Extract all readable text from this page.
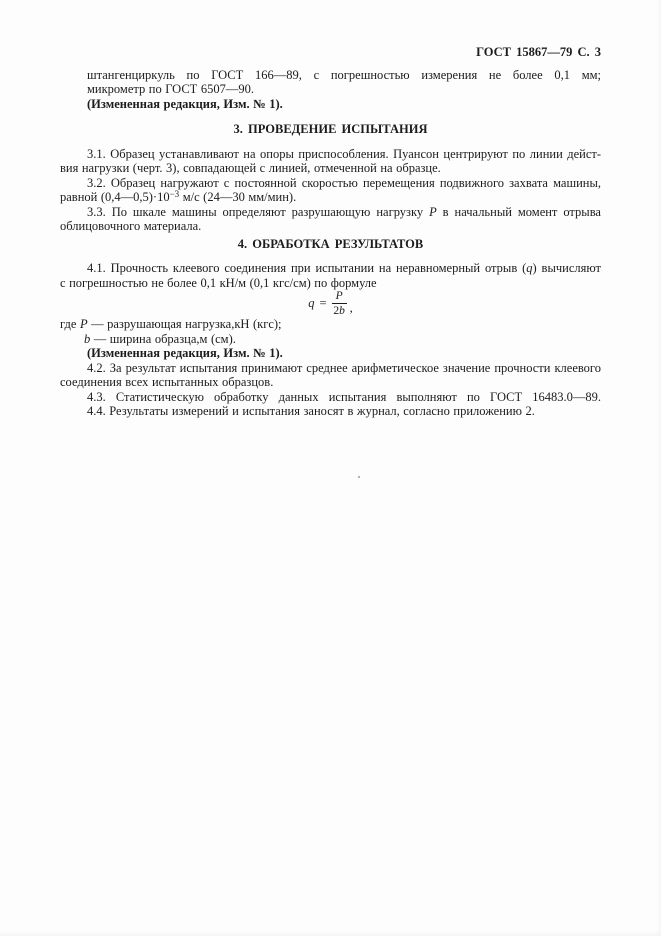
ГОСТ 15867—79 С. 3
штангенциркуль по ГОСТ 166—89, с погрешностью измерения не более 0,1 мм;
микрометр по ГОСТ 6507—90.
(Измененная редакция, Изм. № 1).
3. ПРОВЕДЕНИЕ ИСПЫТАНИЯ
3.1. Образец устанавливают на опоры приспособления. Пуансон центрируют по линии дейст-
вия нагрузки (черт. 3), совпадающей с линией, отмеченной на образце.
3.2. Образец нагружают с постоянной скоростью перемещения подвижного захвата машины,
равной $(0,4—0,5)\cdot 10^{-3}$ м/с (24—30 мм/мин).
3.3. По шкале машины определяют разрушающую нагрузку P в начальный момент отрыва
облицовочного материала.
4. ОБРАБОТКА РЕЗУЛЬТАТОВ
4.1. Прочность клеевого соединения при испытании на неравномерный отрыв (q) вычисляют
с погрешностью не более 0,1 кН/м (0,1 кгс/см) по формуле
$q = \frac{P}{2b}$ ,
где P — разрушающая нагрузка,кН (кгс);
b — ширина образца,м (см).
(Измененная редакция, Изм. № 1).
4.2. За результат испытания принимают среднее арифметическое значение прочности клеевого
соединения всех испытанных образцов.
4.3. Статистическую обработку данных испытания выполняют по ГОСТ 16483.0—89.
4.4. Результаты измерений и испытания заносят в журнал, согласно приложению 2.
